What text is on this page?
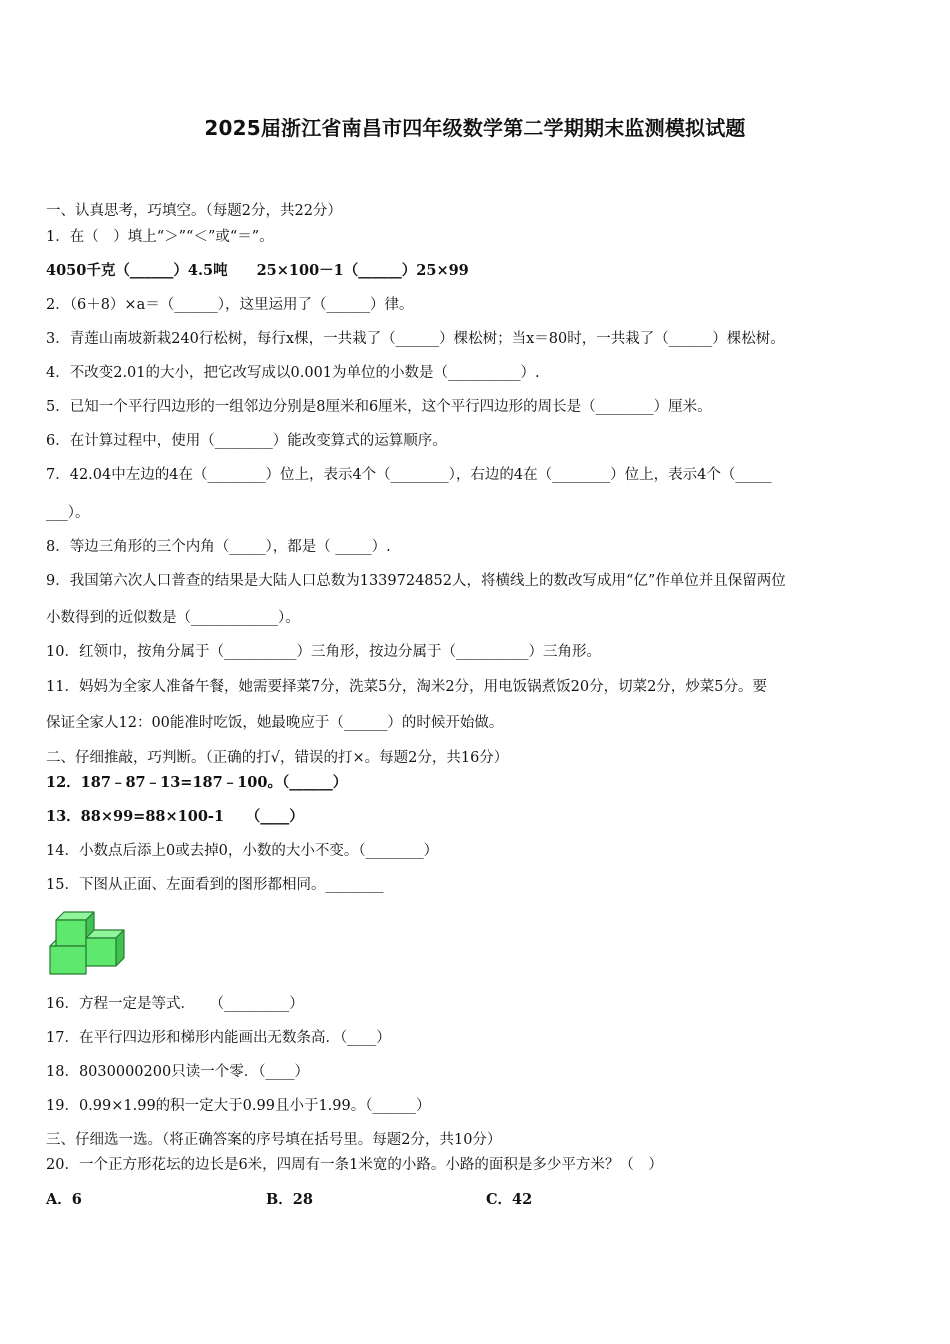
2025届浙江省南昌市四年级数学第二学期期末监测模拟试题
一、认真思考，巧填空。（每题2分，共22分）
1．在（　）填上“＞”“＜”或“＝”。
4050千克（______）4.5吨　　25×100－1（______）25×99
2．（6＋8）×a＝（______），这里运用了（______）律。
3．青莲山南坡新栽240行松树，每行x棵，一共栽了（______）棵松树；当x＝80时，一共栽了（______）棵松树。
4．不改变2.01的大小，把它改写成以0.001为单位的小数是（__________）.
5．已知一个平行四边形的一组邻边分别是8厘米和6厘米，这个平行四边形的周长是（________）厘米。
6．在计算过程中，使用（________）能改变算式的运算顺序。
7．42.04中左边的4在（________）位上，表示4个（________），右边的4在（________）位上，表示4个（_____
___）。
8．等边三角形的三个内角（_____），都是（ _____）.
9．我国第六次人口普查的结果是大陆人口总数为1339724852人，将横线上的数改写成用“亿”作单位并且保留两位
小数得到的近似数是（____________）。
10．红领巾，按角分属于（__________）三角形，按边分属于（__________）三角形。
11．妈妈为全家人准备午餐，她需要择菜7分，洗菜5分，淘米2分，用电饭锅煮饭20分，切菜2分，炒菜5分。要
保证全家人12：00能准时吃饭，她最晚应于（______）的时候开始做。
二、仔细推敲，巧判断。（正确的打√，错误的打×。每题2分，共16分）
12．187﹣87﹣13=187﹣100。（______）
13．88×99=88×100-1　　（____）
14．小数点后添上0或去掉0，小数的大小不变。（________）
15．下图从正面、左面看到的图形都相同。________
16．方程一定是等式．　　（_________）
17．在平行四边形和梯形内能画出无数条高．（____）
18．8030000200只读一个零．（____）
19．0.99×1.99的积一定大于0.99且小于1.99。（______）
三、仔细选一选。（将正确答案的序号填在括号里。每题2分，共10分）
20．一个正方形花坛的边长是6米，四周有一条1米宽的小路。小路的面积是多少平方米？（　）
A．6	B．28	C．42
